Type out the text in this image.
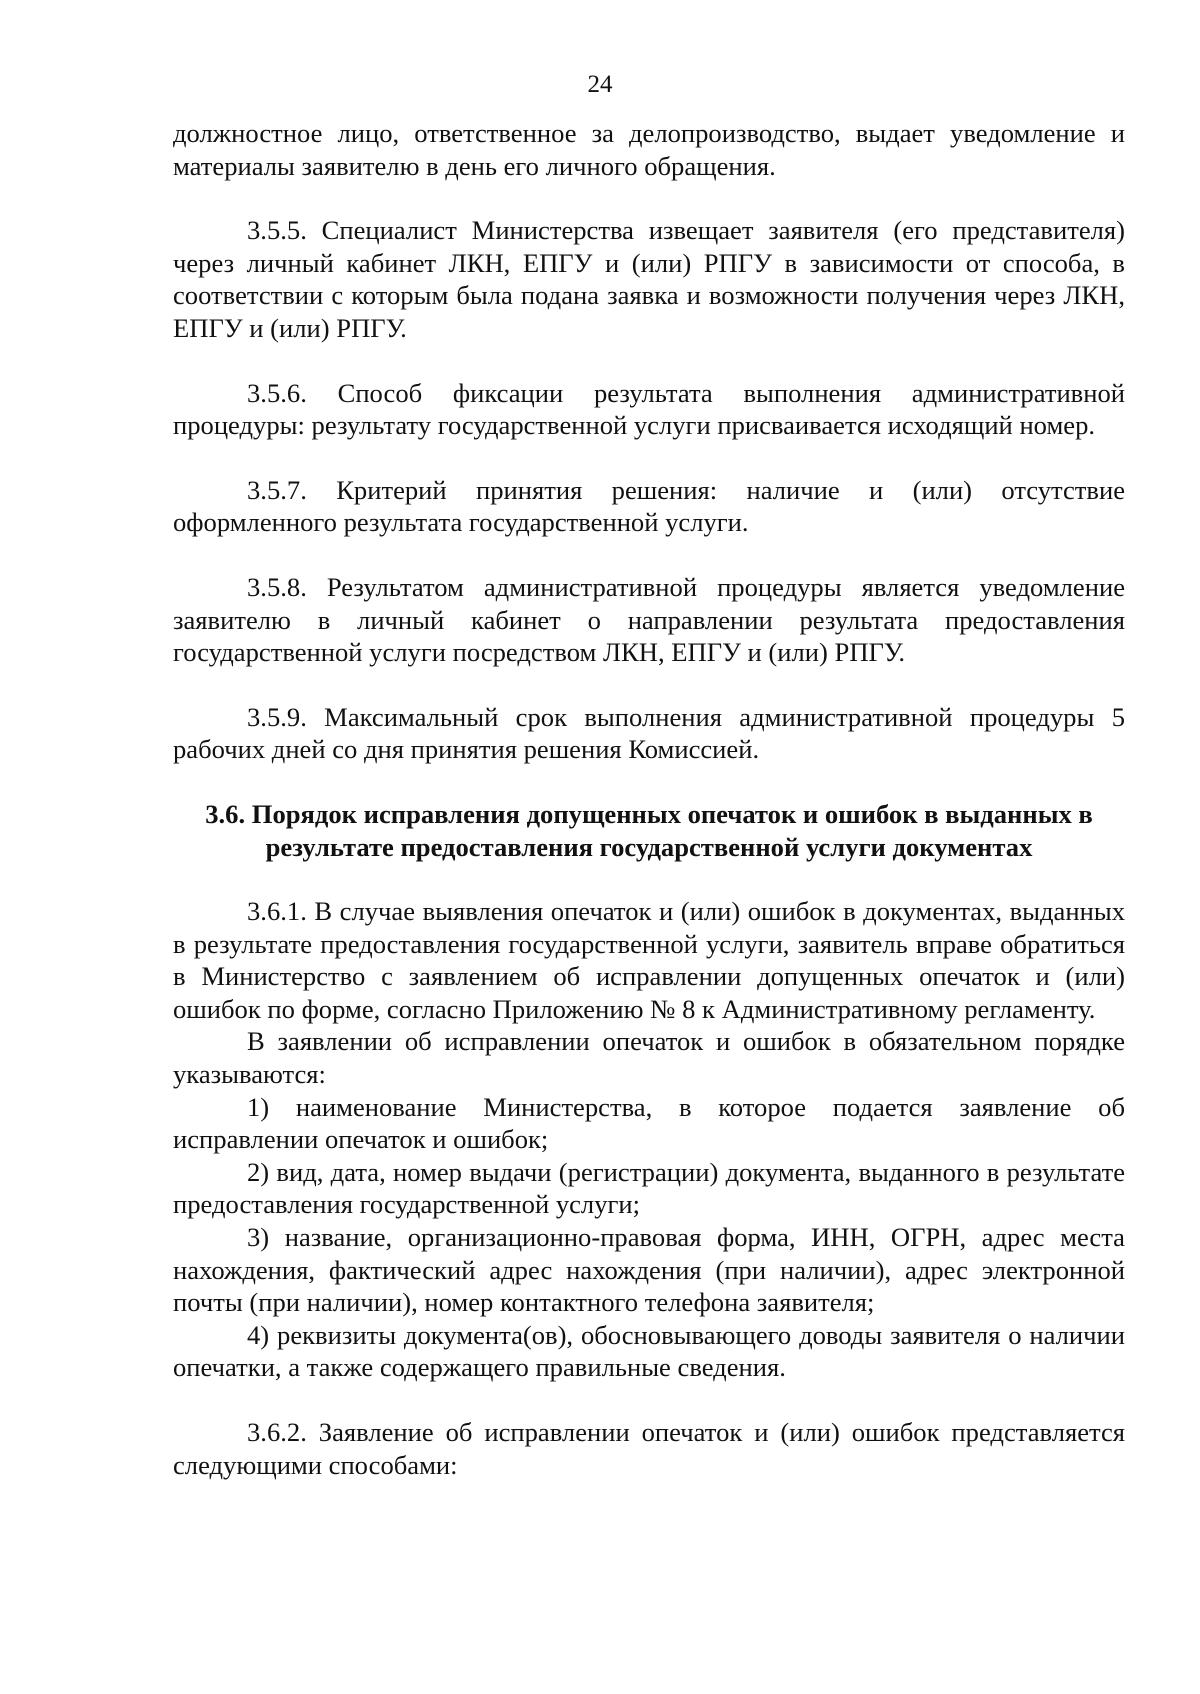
24

должностное лицо, ответственное за делопроизводство, выдает уведомление и материалы заявителю в день его личного обращения.

3.5.5. Специалист Министерства извещает заявителя (его представителя) через личный кабинет ЛКН, ЕПГУ и (или) РПГУ в зависимости от способа, в соответствии с которым была подана заявка и возможности получения через ЛКН, ЕПГУ и (или) РПГУ.

3.5.6. Способ фиксации результата выполнения административной процедуры: результату государственной услуги присваивается исходящий номер.

3.5.7. Критерий принятия решения: наличие и (или) отсутствие оформленного результата государственной услуги.

3.5.8. Результатом административной процедуры является уведомление заявителю в личный кабинет о направлении результата предоставления государственной услуги посредством ЛКН, ЕПГУ и (или) РПГУ.

3.5.9. Максимальный срок выполнения административной процедуры 5 рабочих дней со дня принятия решения Комиссией.

3.6. Порядок исправления допущенных опечаток и ошибок в выданных в результате предоставления государственной услуги документах

3.6.1. В случае выявления опечаток и (или) ошибок в документах, выданных в результате предоставления государственной услуги, заявитель вправе обратиться в Министерство с заявлением об исправлении допущенных опечаток и (или) ошибок по форме, согласно Приложению № 8 к Административному регламенту.

В заявлении об исправлении опечаток и ошибок в обязательном порядке указываются:

1) наименование Министерства, в которое подается заявление об исправлении опечаток и ошибок;

2) вид, дата, номер выдачи (регистрации) документа, выданного в результате предоставления государственной услуги;

3) название, организационно-правовая форма, ИНН, ОГРН, адрес места нахождения, фактический адрес нахождения (при наличии), адрес электронной почты (при наличии), номер контактного телефона заявителя;

4) реквизиты документа(ов), обосновывающего доводы заявителя о наличии опечатки, а также содержащего правильные сведения.

3.6.2. Заявление об исправлении опечаток и (или) ошибок представляется следующими способами:
